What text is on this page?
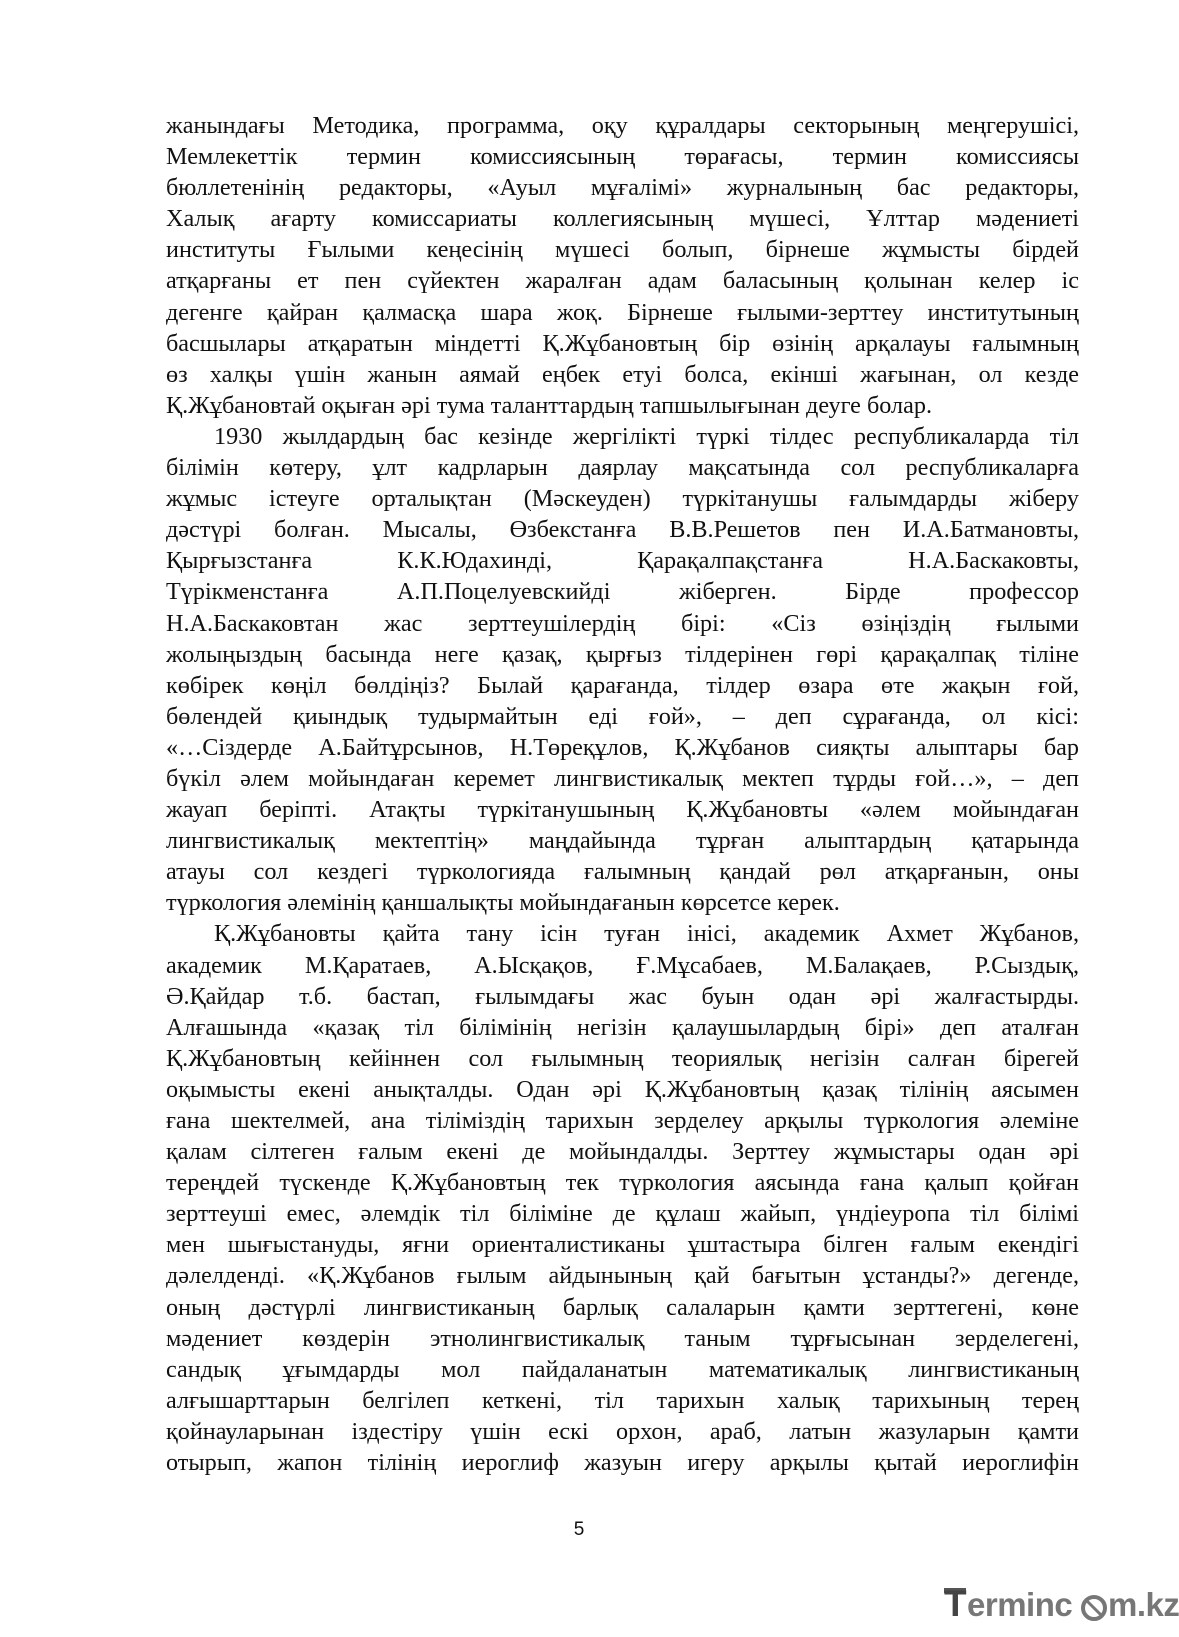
жанындағы Методика, программа, оқу құралдары секторының меңгерушісі,
Мемлекеттік термин комиссиясының төрағасы, термин комиссиясы
бюллетенінің редакторы, «Ауыл мұғалімі» журналының бас редакторы,
Халық ағарту комиссариаты коллегиясының мүшесі, Ұлттар мәдениеті
институты Ғылыми кеңесінің мүшесі болып, бірнеше жұмысты бірдей
атқарғаны ет пен сүйектен жаралған адам баласының қолынан келер іс
дегенге қайран қалмасқа шара жоқ. Бірнеше ғылыми-зерттеу институтының
басшылары атқаратын міндетті Қ.Жұбановтың бір өзінің арқалауы ғалымның
өз халқы үшін жанын аямай еңбек етуі болса, екінші жағынан, ол кезде
Қ.Жұбановтай оқыған әрі тума таланттардың тапшылығынан деуге болар.
1930 жылдардың бас кезінде жергілікті түркі тілдес республикаларда тіл
білімін көтеру, ұлт кадрларын даярлау мақсатында сол республикаларға
жұмыс істеуге орталықтан (Мәскеуден) түркітанушы ғалымдарды жіберу
дәстүрі болған. Мысалы, Өзбекстанға В.В.Решетов пен И.А.Батмановты,
Қырғызстанға К.К.Юдахинді, Қарақалпақстанға Н.А.Баскаковты,
Түрікменстанға А.П.Поцелуевскийді жіберген. Бірде профессор
Н.А.Баскаковтан жас зерттеушілердің бірі: «Сіз өзіңіздің ғылыми
жолыңыздың басында неге қазақ, қырғыз тілдерінен гөрі қарақалпақ тіліне
көбірек көңіл бөлдіңіз? Былай қарағанда, тілдер өзара өте жақын ғой,
бөлендей қиындық тудырмайтын еді ғой», – деп сұрағанда, ол кісі:
«…Сіздерде А.Байтұрсынов, Н.Төреқұлов, Қ.Жұбанов сияқты алыптары бар
бүкіл әлем мойындаған керемет лингвистикалық мектеп тұрды ғой…», – деп
жауап беріпті. Атақты түркітанушының Қ.Жұбановты «әлем мойындаған
лингвистикалық мектептің» маңдайында тұрған алыптардың қатарында
атауы сол кездегі түркологияда ғалымның қандай рөл атқарғанын, оны
түркология әлемінің қаншалықты мойындағанын көрсетсе керек.
Қ.Жұбановты қайта тану ісін туған інісі, академик Ахмет Жұбанов,
академик М.Қаратаев, А.Ысқақов, Ғ.Мұсабаев, М.Балақаев, Р.Сыздық,
Ә.Қайдар т.б. бастап, ғылымдағы жас буын одан әрі жалғастырды.
Алғашында «қазақ тіл білімінің негізін қалаушылардың бірі» деп аталған
Қ.Жұбановтың кейіннен сол ғылымның теориялық негізін салған бірегей
оқымысты екені анықталды. Одан әрі Қ.Жұбановтың қазақ тілінің аясымен
ғана шектелмей, ана тіліміздің тарихын зерделеу арқылы түркология әлеміне
қалам сілтеген ғалым екені де мойындалды. Зерттеу жұмыстары одан әрі
тереңдей түскенде Қ.Жұбановтың тек түркология аясында ғана қалып қойған
зерттеуші емес, әлемдік тіл біліміне де құлаш жайып, үндіеуропа тіл білімі
мен шығыстануды, яғни ориенталистиканы ұштастыра білген ғалым екендігі
дәлелденді. «Қ.Жұбанов ғылым айдынының қай бағытын ұстанды?» дегенде,
оның дәстүрлі лингвистиканың барлық салаларын қамти зерттегені, көне
мәдениет көздерін этнолингвистикалық таным тұрғысынан зерделегені,
сандық ұғымдарды мол пайдаланатын математикалық лингвистиканың
алғышарттарын белгілеп кеткені, тіл тарихын халық тарихының терең
қойнауларынан іздестіру үшін ескі орхон, араб, латын жазуларын қамти
отырып, жапон тілінің иероглиф жазуын игеру арқылы қытай иероглифін
5
T erminc m.kz
